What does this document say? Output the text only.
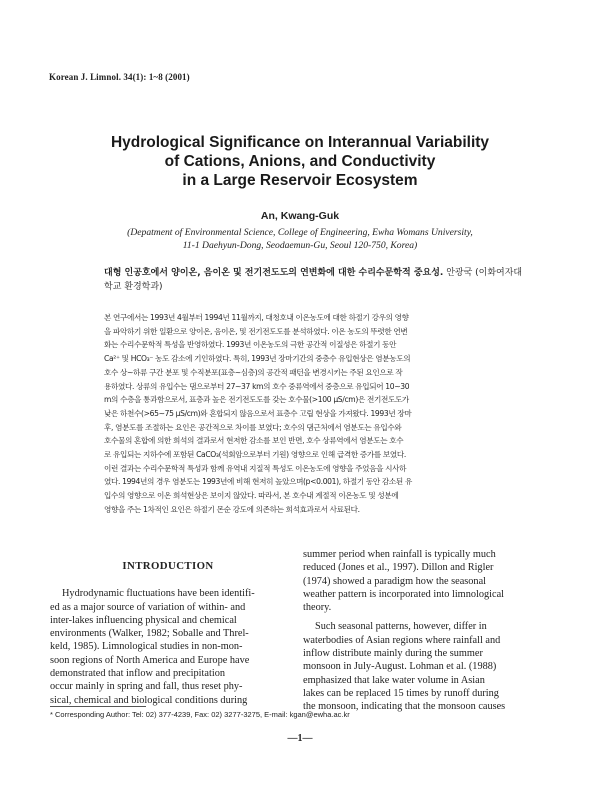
Korean J. Limnol. 34(1): 1~8 (2001)
Hydrological Significance on Interannual Variability
of Cations, Anions, and Conductivity
in a Large Reservoir Ecosystem
An, Kwang-Guk
(Depatment of Environmental Science, College of Engineering, Ewha Womans University,
11-1 Daehyun-Dong, Seodaemun-Gu, Seoul 120-750, Korea)
대형 인공호에서 양이온, 음이온 및 전기전도도의 연변화에 대한 수리수문학적 중요성. 안광국 (이화여자대학교 환경학과)
본 연구에서는 1993년 4월부터 1994년 11월까지, 대청호내 이온농도에 대한 하절기 강우의 영향
을 파악하기 위한 일환으로 양이온, 음이온, 및 전기전도도를 분석하였다. 이온 농도의 뚜렷한 연변
화는 수리수문학적 특성을 반영하였다. 1993년 이온농도의 극한 공간적 이질성은 하절기 동안
Ca²⁺ 및 HCO₃⁻ 농도 감소에 기인하였다. 특히, 1993년 장마기간의 중층수 유입현상은 염분농도의
호수 상~하류 구간 분포 및 수직분포(표층~심층)의 공간적 패턴을 변경시키는 주된 요인으로 작
용하였다. 상류의 유입수는 댐으로부터 27~37 km의 호수 중류역에서 중층으로 유입되어 10~30
m의 수층을 통과함으로서, 표층과 높은 전기전도도를 갖는 호수물(>100 μS/cm)은 전기전도도가
낮은 하천수(>65~75 μS/cm)와 혼합되지 않음으로서 표층수 고립 현상을 가져왔다. 1993년 장마
후, 염분도를 조절하는 요인은 공간적으로 차이를 보였다; 호수의 댐근처에서 염분도는 유입수와
호수물의 혼합에 의한 희석의 결과로서 현저한 감소를 보인 반면, 호수 상류역에서 염분도는 호수
로 유입되는 지하수에 포함된 CaCO₃(석회암으로부터 기원) 영향으로 인해 급격한 증가를 보였다.
이런 결과는 수리수문학적 특성과 함께 유역내 지질적 특성도 이온농도에 영향을 주었음을 시사하
였다. 1994년의 경우 염분도는 1993년에 비해 현저히 높았으며(p<0.001), 하절기 동안 감소된 유
입수의 영향으로 이온 희석현상은 보이지 않았다. 따라서, 본 호수내 계절적 이온농도 및 성분에
영향을 주는 1차적인 요인은 하절기 몬순 강도에 의존하는 희석효과로서 사료된다.
INTRODUCTION
Hydrodynamic fluctuations have been identifi-
ed as a major source of variation of within- and
inter-lakes influencing physical and chemical
environments (Walker, 1982; Soballe and Threl-
keld, 1985). Limnological studies in non-mon-
soon regions of North America and Europe have
demonstrated that inflow and precipitation
occur mainly in spring and fall, thus reset phy-
sical, chemical and biological conditions during
summer period when rainfall is typically much
reduced (Jones et al., 1997). Dillon and Rigler
(1974) showed a paradigm how the seasonal
weather pattern is incorporated into limnological
theory.
Such seasonal patterns, however, differ in
waterbodies of Asian regions where rainfall and
inflow distribute mainly during the summer
monsoon in July-August. Lohman et al. (1988)
emphasized that lake water volume in Asian
lakes can be replaced 15 times by runoff during
the monsoon, indicating that the monsoon causes
* Corresponding Author: Tel: 02) 377-4239, Fax: 02) 3277-3275, E-mail: kgan@ewha.ac.kr
—1—
